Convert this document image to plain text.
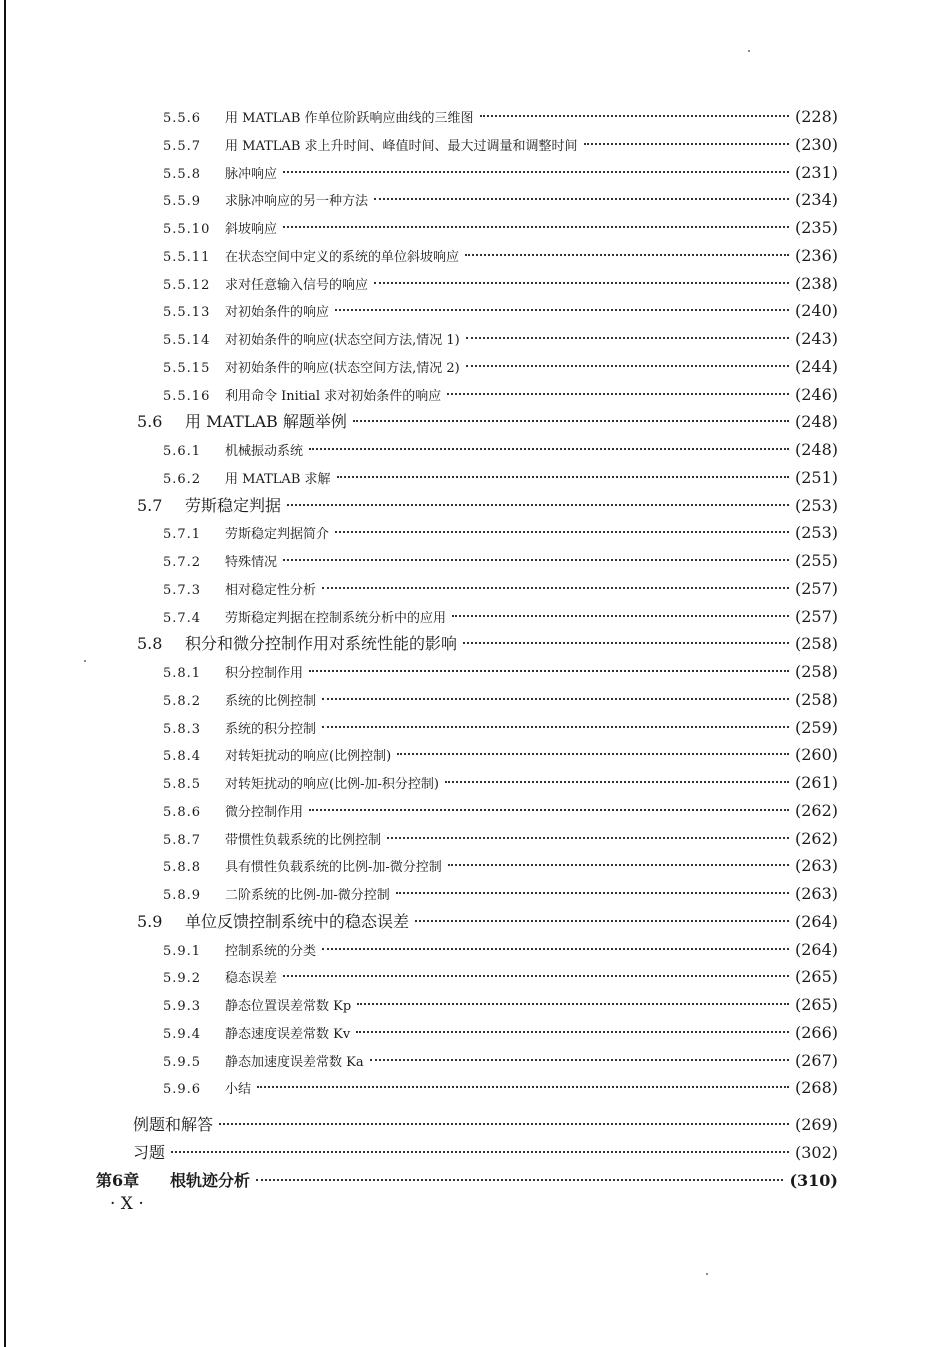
5.5.6	用 MATLAB 作单位阶跃响应曲线的三维图	(228)
5.5.7	用 MATLAB 求上升时间、峰值时间、最大过调量和调整时间	(230)
5.5.8	脉冲响应	(231)
5.5.9	求脉冲响应的另一种方法	(234)
5.5.10	斜坡响应	(235)
5.5.11	在状态空间中定义的系统的单位斜坡响应	(236)
5.5.12	求对任意输入信号的响应	(238)
5.5.13	对初始条件的响应	(240)
5.5.14	对初始条件的响应(状态空间方法,情况 1)	(243)
5.5.15	对初始条件的响应(状态空间方法,情况 2)	(244)
5.5.16	利用命令 Initial 求对初始条件的响应	(246)
5.6	用 MATLAB 解题举例	(248)
5.6.1	机械振动系统	(248)
5.6.2	用 MATLAB 求解	(251)
5.7	劳斯稳定判据	(253)
5.7.1	劳斯稳定判据简介	(253)
5.7.2	特殊情况	(255)
5.7.3	相对稳定性分析	(257)
5.7.4	劳斯稳定判据在控制系统分析中的应用	(257)
5.8	积分和微分控制作用对系统性能的影响	(258)
5.8.1	积分控制作用	(258)
5.8.2	系统的比例控制	(258)
5.8.3	系统的积分控制	(259)
5.8.4	对转矩扰动的响应(比例控制)	(260)
5.8.5	对转矩扰动的响应(比例-加-积分控制)	(261)
5.8.6	微分控制作用	(262)
5.8.7	带惯性负载系统的比例控制	(262)
5.8.8	具有惯性负载系统的比例-加-微分控制	(263)
5.8.9	二阶系统的比例-加-微分控制	(263)
5.9	单位反馈控制系统中的稳态误差	(264)
5.9.1	控制系统的分类	(264)
5.9.2	稳态误差	(265)
5.9.3	静态位置误差常数 Kp	(265)
5.9.4	静态速度误差常数 Kv	(266)
5.9.5	静态加速度误差常数 Ka	(267)
5.9.6	小结	(268)
例题和解答	(269)
习题	(302)
第6章	根轨迹分析	(310)
· X ·
